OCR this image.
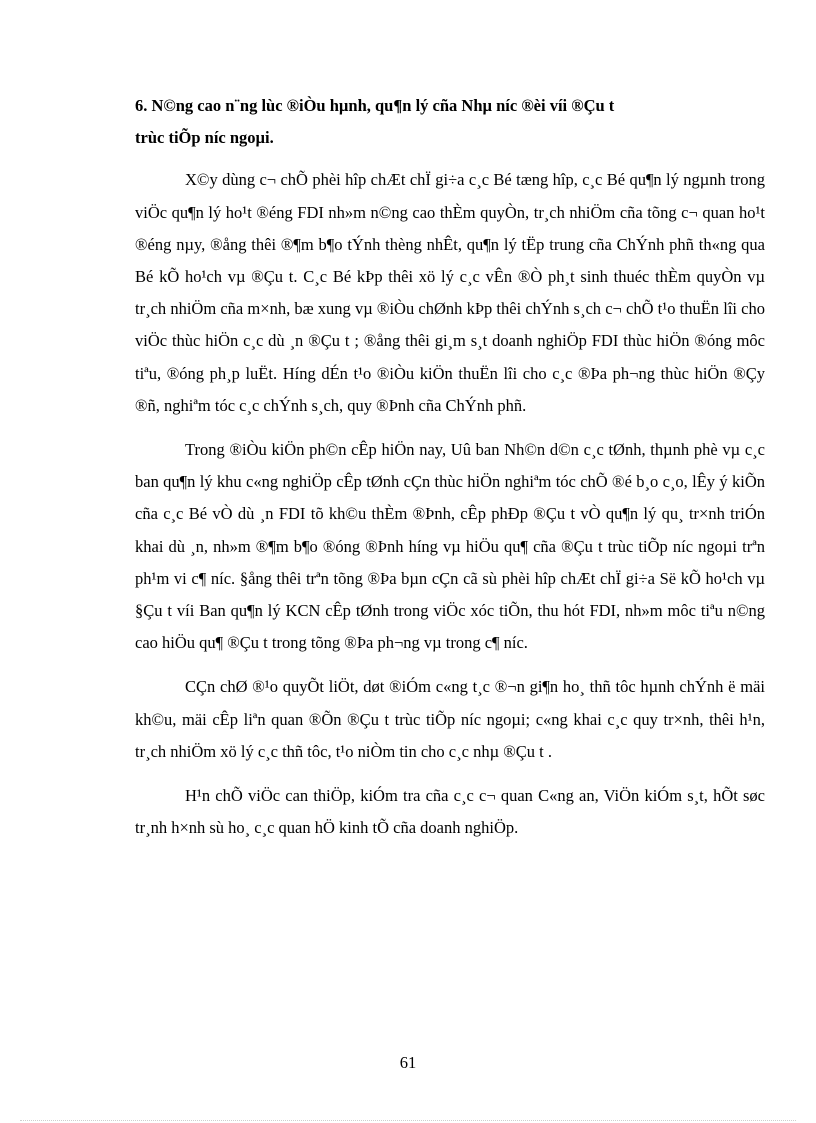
6. N©ng cao n¨ng lùc ®iÒu hµnh, qu¶n lý cña Nhµ níc ®èi víi ®Çu t
trùc tiÕp níc ngoµi.

X©y dùng c¬ chÕ phèi hîp chÆt chÏ gi÷a c¸c Bé tæng hîp, c¸c Bé qu¶n lý ngµnh trong viÖc qu¶n lý ho¹t ®éng FDI nh»m n©ng cao thÈm quyÒn, tr¸ch nhiÖm cña tõng c¬ quan ho¹t ®éng nµy, ®ång thêi ®¶m b¶o tÝnh thèng nhÊt, qu¶n lý tËp trung cña ChÝnh phñ th«ng qua Bé kÕ ho¹ch vµ ®Çu t. C¸c Bé kÞp thêi xö lý c¸c vÊn ®Ò ph¸t sinh thuéc thÈm quyÒn vµ tr¸ch nhiÖm cña m×nh, bæ xung vµ ®iÒu chØnh kÞp thêi chÝnh s¸ch c¬ chÕ t¹o thuËn lîi cho viÖc thùc hiÖn c¸c dù ¸n ®Çu t ; ®ång thêi gi¸m s¸t doanh nghiÖp FDI thùc hiÖn ®óng môc tiªu, ®óng ph¸p luËt. Híng dÉn t¹o ®iÒu kiÖn thuËn lîi cho c¸c ®Þa ph¬ng thùc hiÖn ®Çy ®ñ, nghiªm tóc c¸c chÝnh s¸ch, quy ®Þnh cña ChÝnh phñ.

Trong ®iÒu kiÖn ph©n cÊp hiÖn nay, Uû ban Nh©n d©n c¸c tØnh, thµnh phè vµ c¸c ban qu¶n lý khu c«ng nghiÖp cÊp tØnh cÇn thùc hiÖn nghiªm tóc chÕ ®é b¸o c¸o, lÊy ý kiÕn cña c¸c Bé vÒ dù ¸n FDI tõ kh©u thÈm ®Þnh, cÊp phÐp ®Çu t vÒ qu¶n lý qu¸ tr×nh triÓn khai dù ¸n, nh»m ®¶m b¶o ®óng ®Þnh híng vµ hiÖu qu¶ cña ®Çu t trùc tiÕp níc ngoµi trªn ph¹m vi c¶ níc. §ång thêi trªn tõng ®Þa bµn cÇn cã sù phèi hîp chÆt chÏ gi÷a Së kÕ ho¹ch vµ §Çu t víi Ban qu¶n lý KCN cÊp tØnh trong viÖc xóc tiÕn, thu hót FDI, nh»m môc tiªu n©ng cao hiÖu qu¶ ®Çu t trong tõng ®Þa ph¬ng vµ trong c¶ níc.

CÇn chØ ®¹o quyÕt liÖt, døt ®iÓm c«ng t¸c ®¬n gi¶n ho¸ thñ tôc hµnh chÝnh ë mäi kh©u, mäi cÊp liªn quan ®Õn ®Çu t trùc tiÕp níc ngoµi; c«ng khai c¸c quy tr×nh, thêi h¹n, tr¸ch nhiÖm xö lý c¸c thñ tôc, t¹o niÒm tin cho c¸c nhµ ®Çu t .

H¹n chÕ viÖc can thiÖp, kiÓm tra cña c¸c c¬ quan C«ng an, ViÖn kiÓm s¸t, hÕt søc tr¸nh h×nh sù ho¸ c¸c quan hÖ kinh tÕ cña doanh nghiÖp.

61
